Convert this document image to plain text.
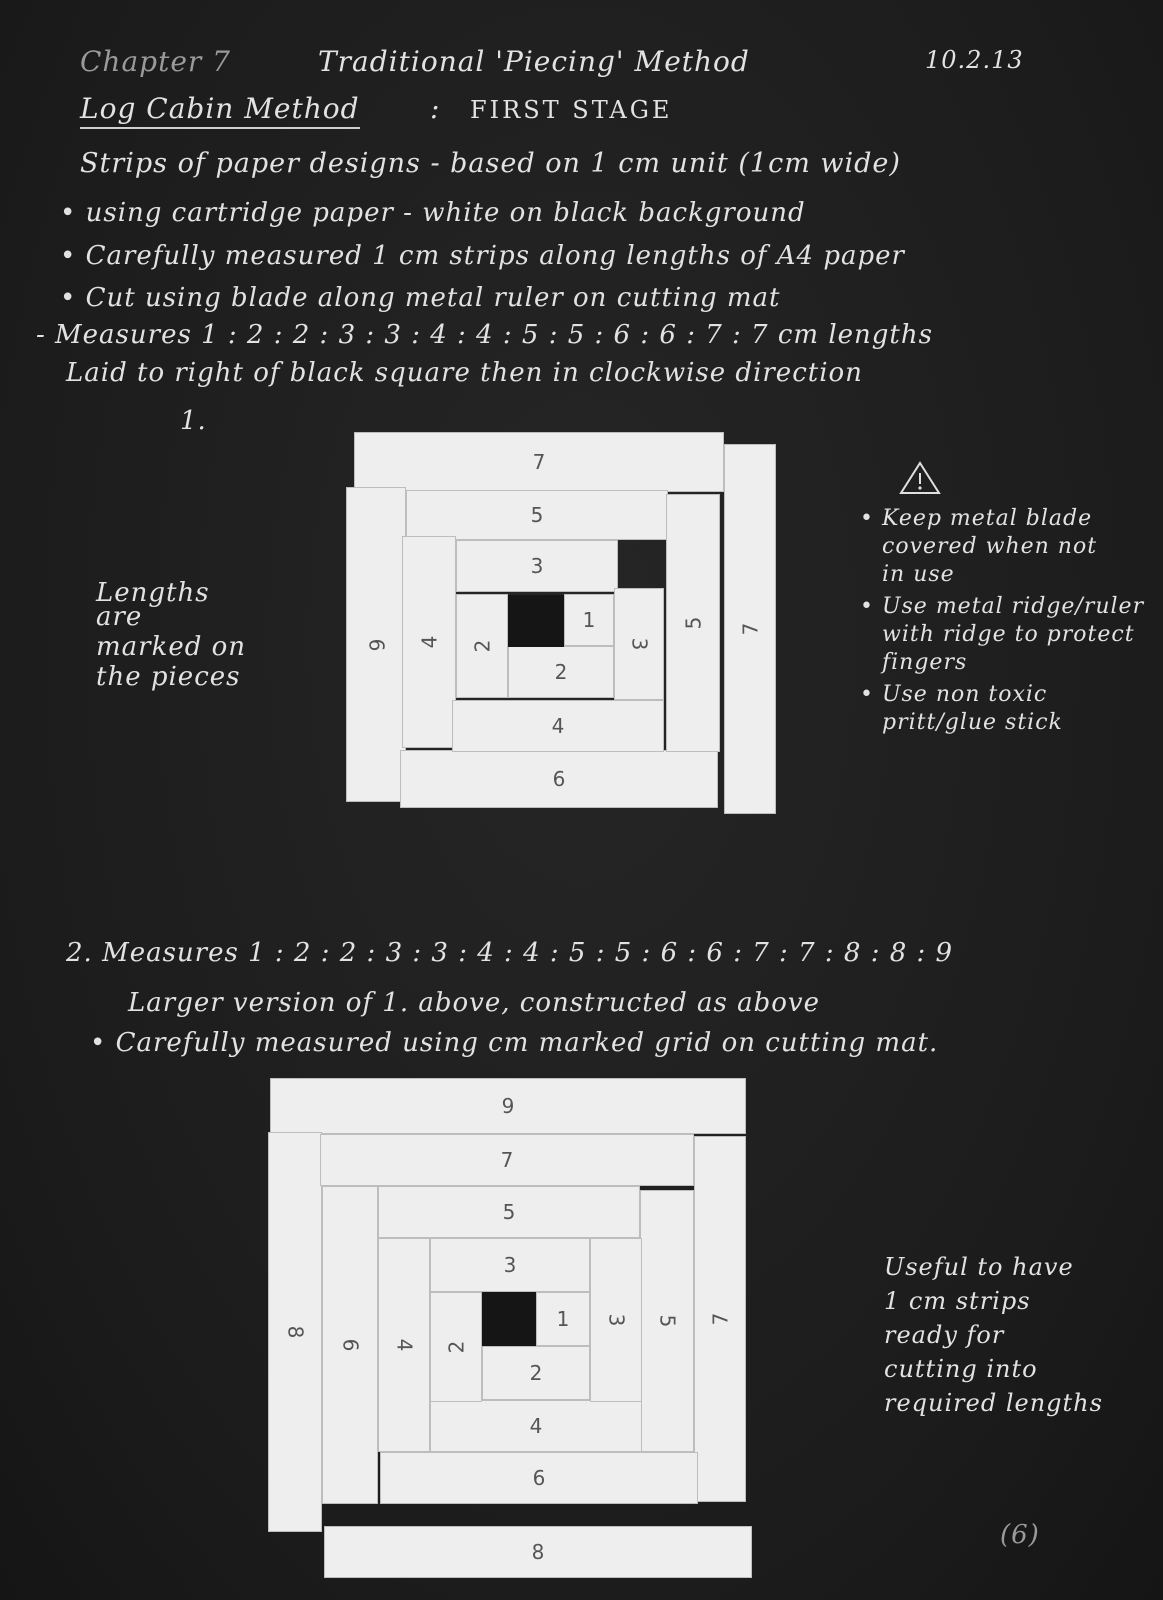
Chapter 7	Traditional 'Piecing' Method	10.2.13
Log Cabin Method	: FIRST STAGE
Strips of paper designs - based on 1 cm unit (1cm wide)
• using cartridge paper - white on black background
• Carefully measured 1 cm strips along lengths of A4 paper
• Cut using blade along metal ruler on cutting mat
- Measures 1 : 2 : 2 : 3 : 3 : 4 : 4 : 5 : 5 : 6 : 6 : 7 : 7 cm lengths
Laid to right of black square then in clockwise direction
1.
Lengths
are
marked on
the pieces
• Keep metal blade
covered when not
in use
• Use metal ridge/ruler
with ridge to protect
fingers
• Use non toxic
pritt/glue stick
7
7
6
6
5
5
4
4
3
3
2
2
1
2. Measures 1 : 2 : 2 : 3 : 3 : 4 : 4 : 5 : 5 : 6 : 6 : 7 : 7 : 8 : 8 : 9
Larger version of 1. above, constructed as above
• Carefully measured using cm marked grid on cutting mat.
Useful to have
1 cm strips
ready for
cutting into
required lengths
9
8
8
7
7
6
6
5
5
4
4
3
3
2
2
1
(6)
